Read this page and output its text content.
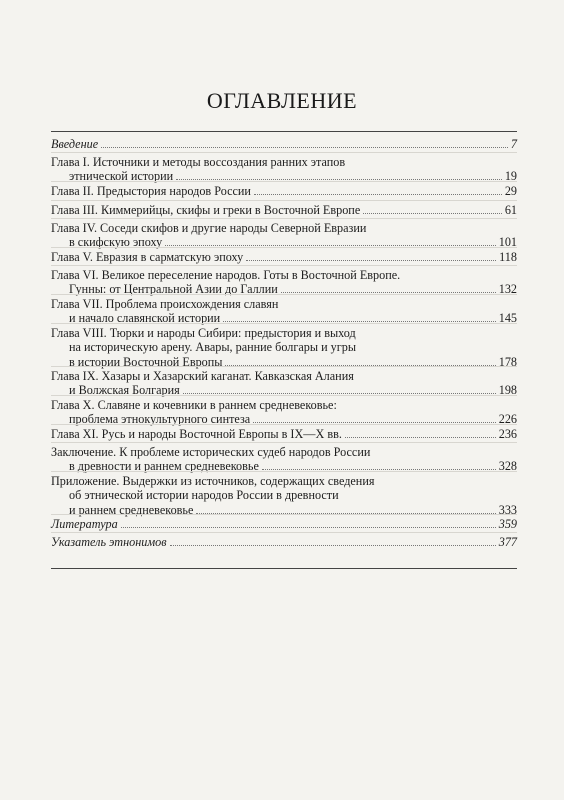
ОГЛАВЛЕНИЕ
Введение	7
Глава I. Источники и методы воссоздания ранних этапов
этнической истории	19
Глава II. Предыстория народов России	29
Глава III. Киммерийцы, скифы и греки в Восточной Европе	61
Глава IV. Соседи скифов и другие народы Северной Евразии
в скифскую эпоху	101
Глава V. Евразия в сарматскую эпоху	118
Глава VI. Великое переселение народов. Готы в Восточной Европе.
Гунны: от Центральной Азии до Галлии	132
Глава VII. Проблема происхождения славян
и начало славянской истории	145
Глава VIII. Тюрки и народы Сибири: предыстория и выход
на историческую арену. Авары, ранние болгары и угры
в истории Восточной Европы	178
Глава IX. Хазары и Хазарский каганат. Кавказская Алания
и Волжская Болгария	198
Глава X. Славяне и кочевники в раннем средневековье:
проблема этнокультурного синтеза	226
Глава XI. Русь и народы Восточной Европы в IX—X вв.	236
Заключение. К проблеме исторических судеб народов России
в древности и раннем средневековье	328
Приложение. Выдержки из источников, содержащих сведения
об этнической истории народов России в древности
и раннем средневековье	333
Литература	359
Указатель этнонимов	377
